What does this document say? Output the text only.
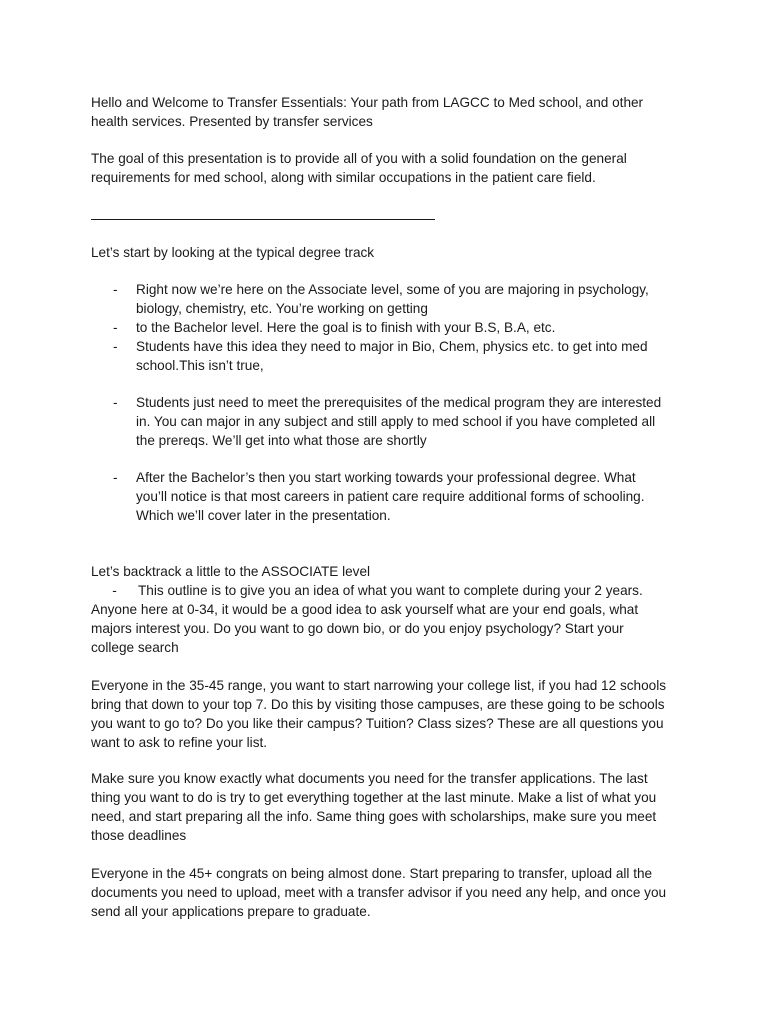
Hello and Welcome to Transfer Essentials: Your path from LAGCC to Med school, and other

health services. Presented by transfer services

The goal of this presentation is to provide all of you with a solid foundation on the general

requirements for med school, along with similar occupations in the patient care field.

Let’s start by looking at the typical degree track

- Right now we’re here on the Associate level, some of you are majoring in psychology,

biology, chemistry, etc. You’re working on getting

- to the Bachelor level. Here the goal is to finish with your B.S, B.A, etc.

- Students have this idea they need to major in Bio, Chem, physics etc. to get into med

school.This isn’t true,

- Students just need to meet the prerequisites of the medical program they are interested

in. You can major in any subject and still apply to med school if you have completed all

the prereqs. We’ll get into what those are shortly

- After the Bachelor’s then you start working towards your professional degree. What

you’ll notice is that most careers in patient care require additional forms of schooling.

Which we’ll cover later in the presentation.

Let’s backtrack a little to the ASSOCIATE level

- This outline is to give you an idea of what you want to complete during your 2 years.

Anyone here at 0-34, it would be a good idea to ask yourself what are your end goals, what

majors interest you. Do you want to go down bio, or do you enjoy psychology? Start your

college search

Everyone in the 35-45 range, you want to start narrowing your college list, if you had 12 schools

bring that down to your top 7. Do this by visiting those campuses, are these going to be schools

you want to go to? Do you like their campus? Tuition? Class sizes? These are all questions you

want to ask to refine your list.

Make sure you know exactly what documents you need for the transfer applications. The last

thing you want to do is try to get everything together at the last minute. Make a list of what you

need, and start preparing all the info. Same thing goes with scholarships, make sure you meet

those deadlines

Everyone in the 45+ congrats on being almost done. Start preparing to transfer, upload all the

documents you need to upload, meet with a transfer advisor if you need any help, and once you

send all your applications prepare to graduate.
